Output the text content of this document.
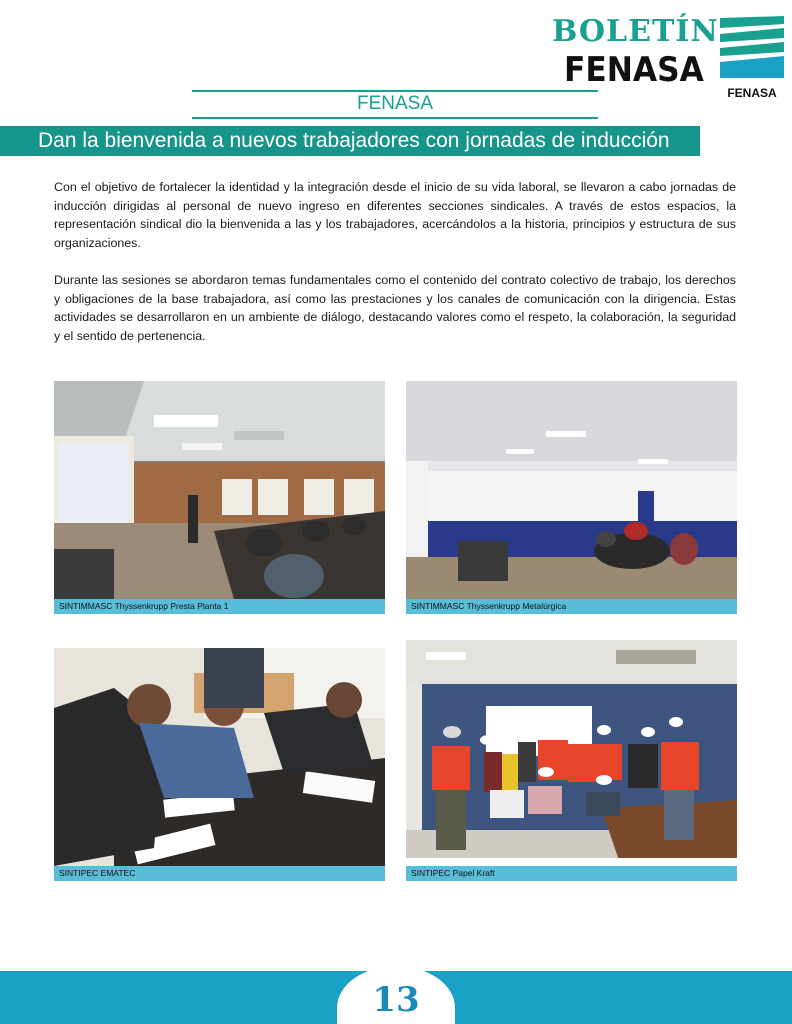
BOLETÍN
FENASA
FENASA
FENASA
Dan la bienvenida a nuevos trabajadores con jornadas de inducción

Con el objetivo de fortalecer la identidad y la integración desde el inicio de su vida laboral, se llevaron a cabo jornadas de inducción dirigidas al personal de nuevo ingreso en diferentes secciones sindicales. A través de estos espacios, la representación sindical dio la bienvenida a las y los trabajadores, acercándolos a la historia, principios y estructura de sus organizaciones.

Durante las sesiones se abordaron temas fundamentales como el contenido del contrato colectivo de trabajo, los derechos y obligaciones de la base trabajadora, así como las prestaciones y los canales de comunicación con la dirigencia. Estas actividades se desarrollaron en un ambiente de diálogo, destacando valores como el respeto, la colaboración, la seguridad y el sentido de pertenencia.

SINTIMMASC Thyssenkrupp Presta Planta 1	SINTIMMASC Thyssenkrupp Metalúrgica
SINTIPEC EMATEC	SINTIPEC Papel Kraft
13
